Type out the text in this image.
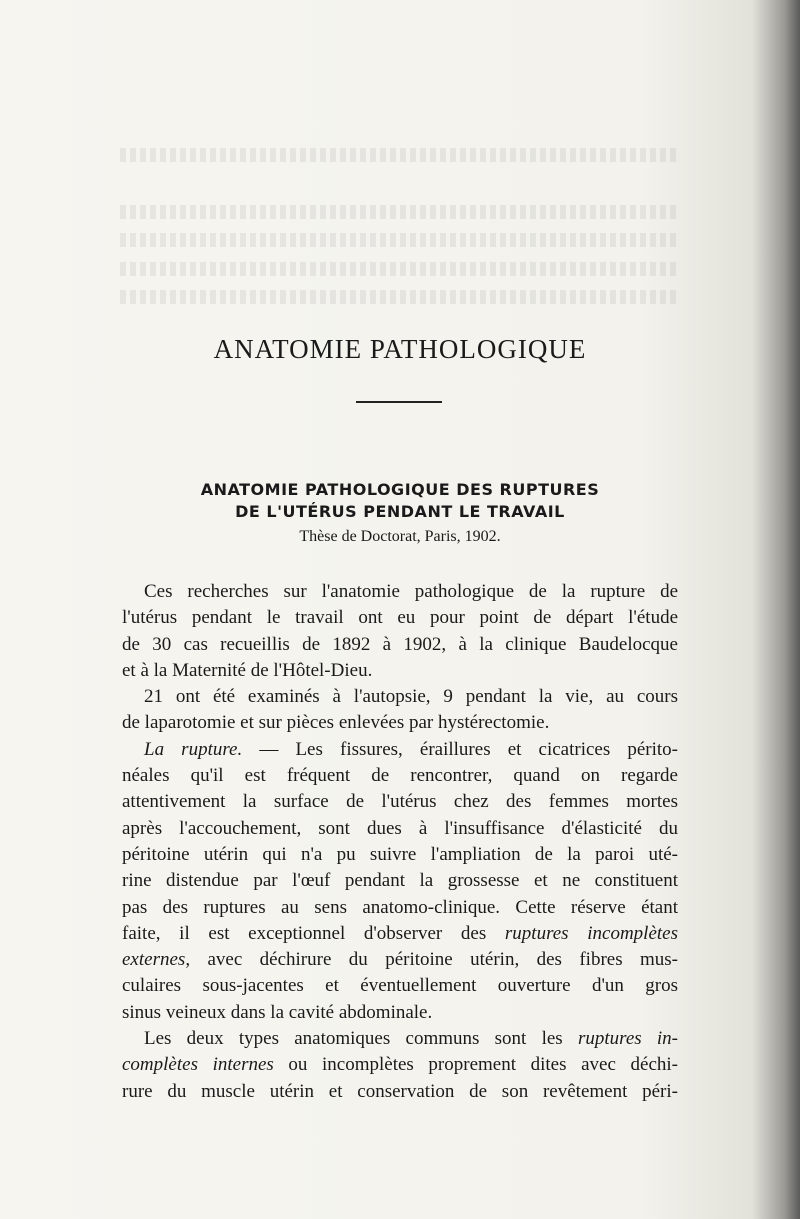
ANATOMIE PATHOLOGIQUE
ANATOMIE PATHOLOGIQUE DES RUPTURES
DE L'UTÉRUS PENDANT LE TRAVAIL
Thèse de Doctorat, Paris, 1902.
Ces recherches sur l'anatomie pathologique de la rupture de
l'utérus pendant le travail ont eu pour point de départ l'étude
de 30 cas recueillis de 1892 à 1902, à la clinique Baudelocque
et à la Maternité de l'Hôtel-Dieu.
21 ont été examinés à l'autopsie, 9 pendant la vie, au cours
de laparotomie et sur pièces enlevées par hystérectomie.
La rupture. — Les fissures, éraillures et cicatrices périto-
néales qu'il est fréquent de rencontrer, quand on regarde
attentivement la surface de l'utérus chez des femmes mortes
après l'accouchement, sont dues à l'insuffisance d'élasticité du
péritoine utérin qui n'a pu suivre l'ampliation de la paroi uté-
rine distendue par l'œuf pendant la grossesse et ne constituent
pas des ruptures au sens anatomo-clinique. Cette réserve étant
faite, il est exceptionnel d'observer des ruptures incomplètes
externes, avec déchirure du péritoine utérin, des fibres mus-
culaires sous-jacentes et éventuellement ouverture d'un gros
sinus veineux dans la cavité abdominale.
Les deux types anatomiques communs sont les ruptures in-
complètes internes ou incomplètes proprement dites avec déchi-
rure du muscle utérin et conservation de son revêtement péri-
